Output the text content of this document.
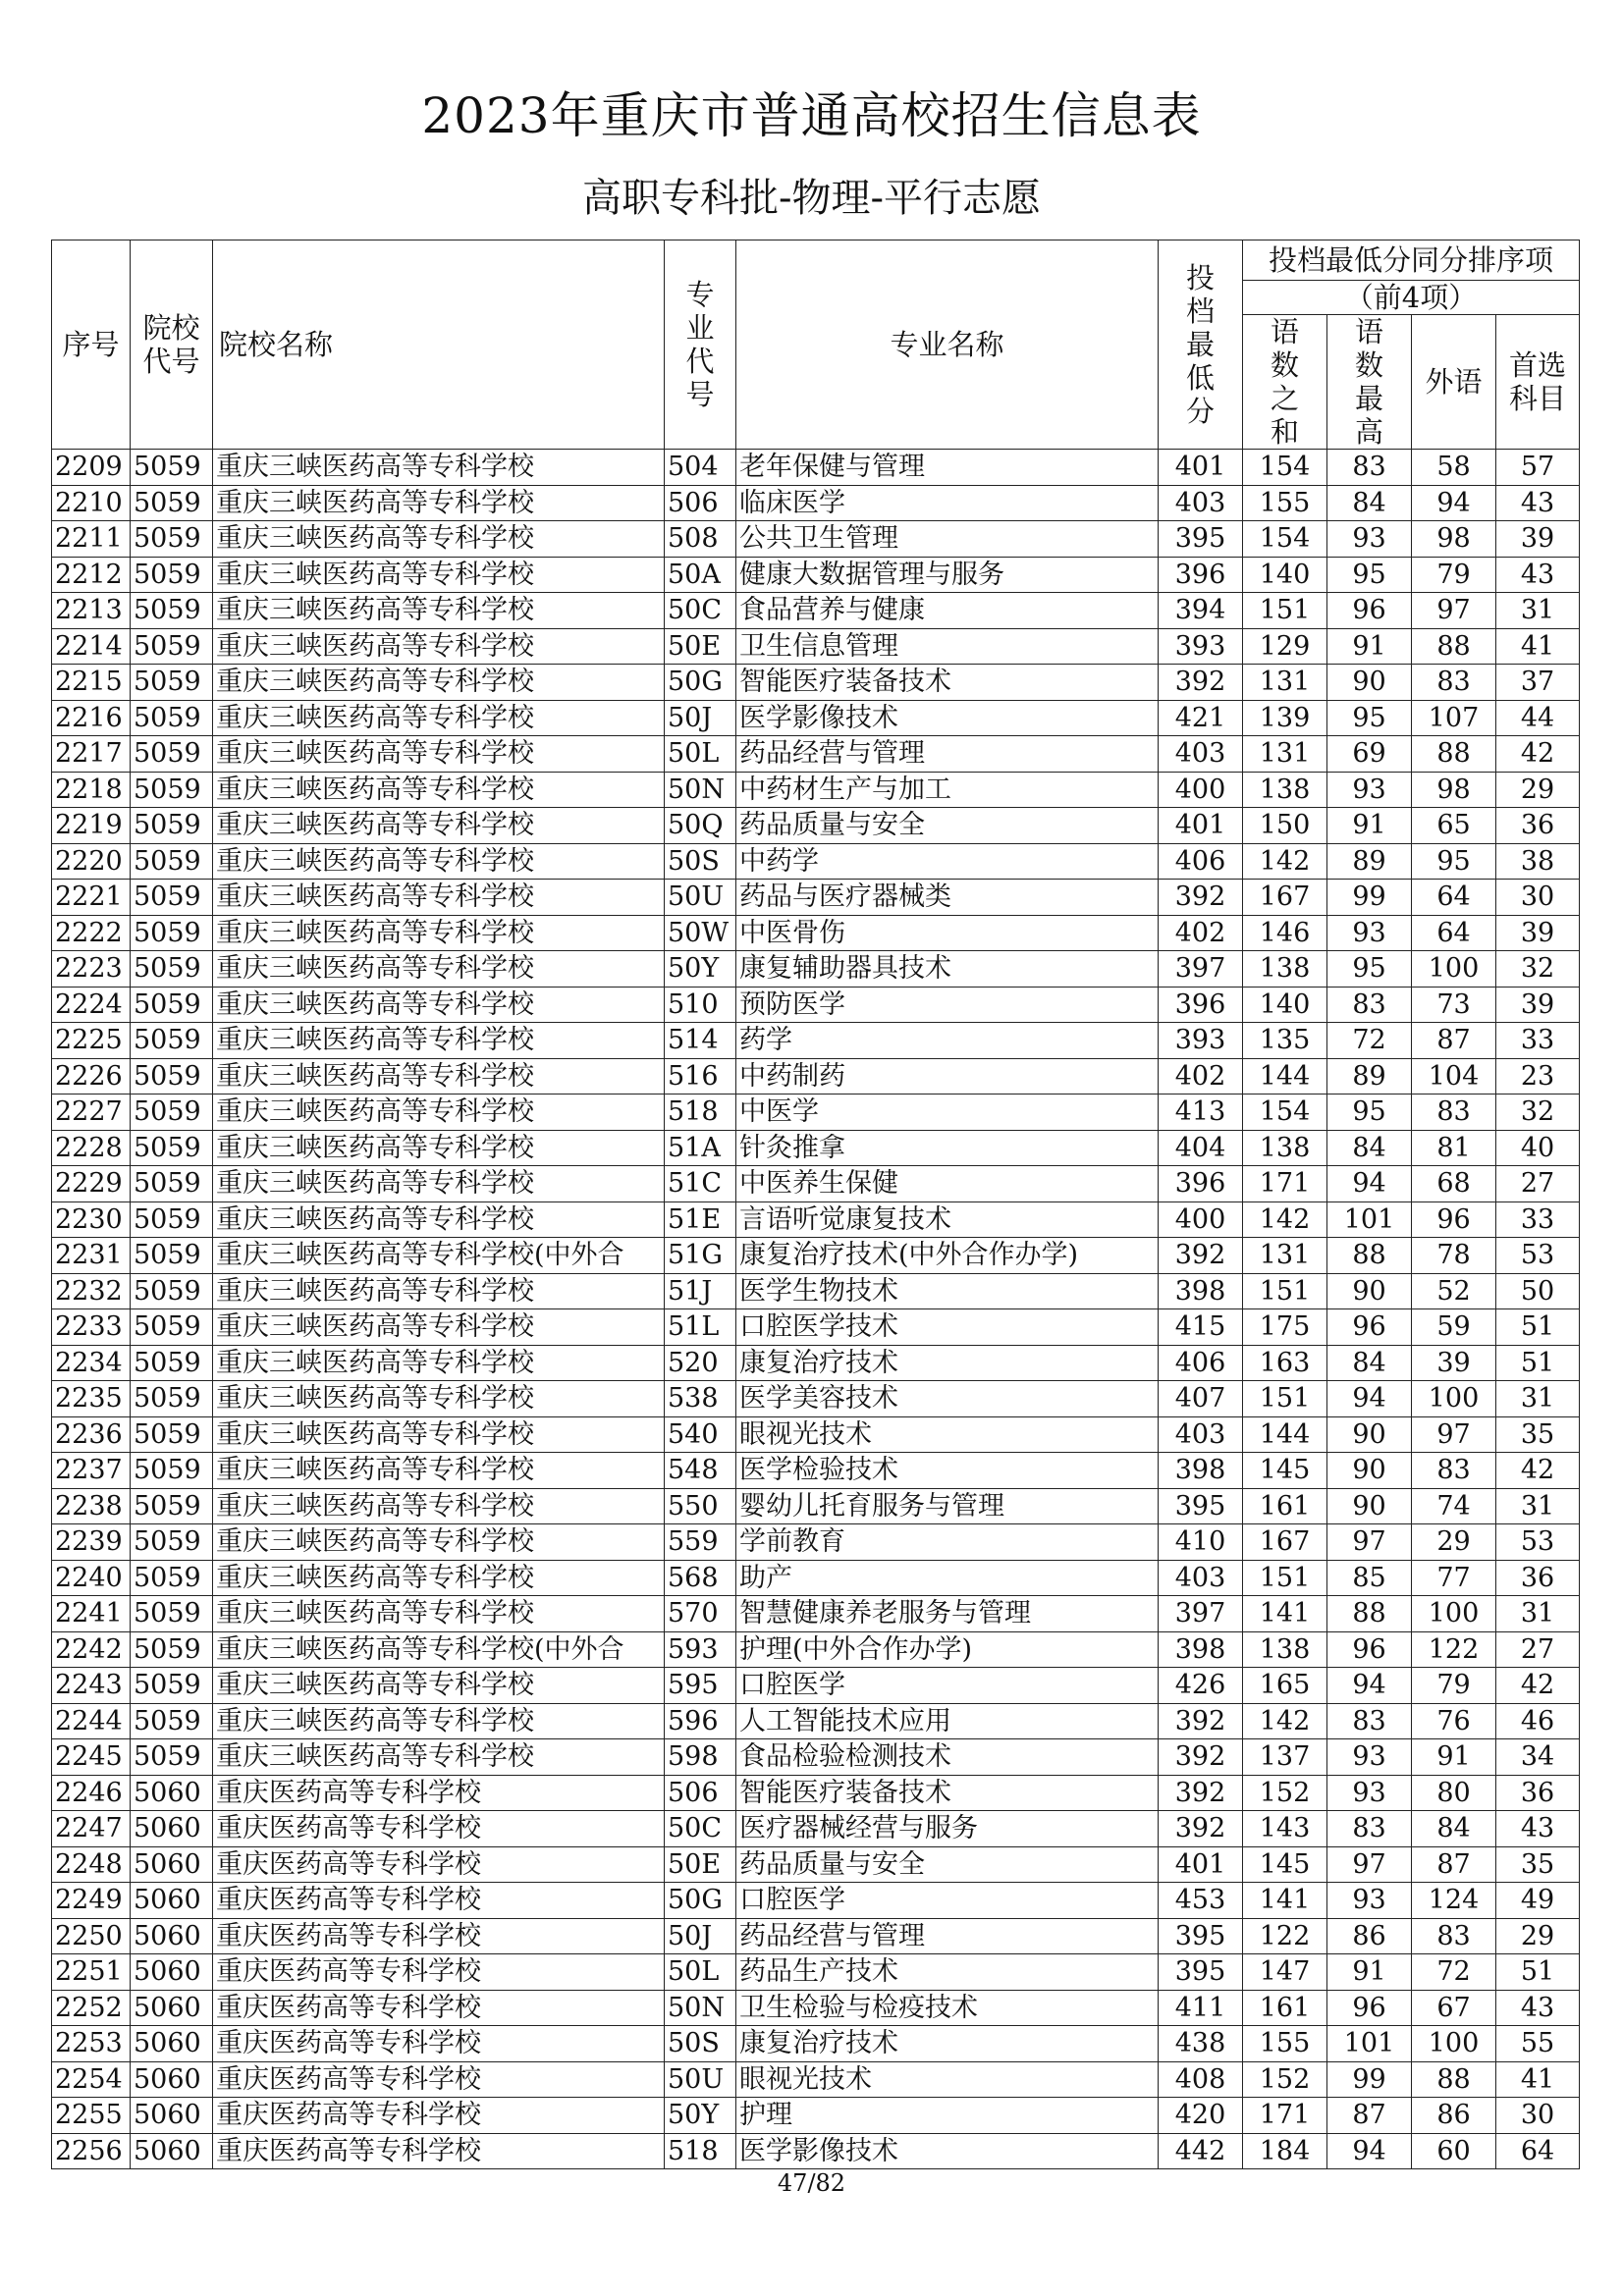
2023年重庆市普通高校招生信息表
高职专科批-物理-平行志愿
序号	院校代号	院校名称	专业代号	专业名称	投档最低分	投档最低分同分排序项			
						（前4项）			
						语数之和	语数最高	外语	首选科目
2209	5059	重庆三峡医药高等专科学校	504	老年保健与管理	401	154	83	58	57
2210	5059	重庆三峡医药高等专科学校	506	临床医学	403	155	84	94	43
2211	5059	重庆三峡医药高等专科学校	508	公共卫生管理	395	154	93	98	39
2212	5059	重庆三峡医药高等专科学校	50A	健康大数据管理与服务	396	140	95	79	43
2213	5059	重庆三峡医药高等专科学校	50C	食品营养与健康	394	151	96	97	31
2214	5059	重庆三峡医药高等专科学校	50E	卫生信息管理	393	129	91	88	41
2215	5059	重庆三峡医药高等专科学校	50G	智能医疗装备技术	392	131	90	83	37
2216	5059	重庆三峡医药高等专科学校	50J	医学影像技术	421	139	95	107	44
2217	5059	重庆三峡医药高等专科学校	50L	药品经营与管理	403	131	69	88	42
2218	5059	重庆三峡医药高等专科学校	50N	中药材生产与加工	400	138	93	98	29
2219	5059	重庆三峡医药高等专科学校	50Q	药品质量与安全	401	150	91	65	36
2220	5059	重庆三峡医药高等专科学校	50S	中药学	406	142	89	95	38
2221	5059	重庆三峡医药高等专科学校	50U	药品与医疗器械类	392	167	99	64	30
2222	5059	重庆三峡医药高等专科学校	50W	中医骨伤	402	146	93	64	39
2223	5059	重庆三峡医药高等专科学校	50Y	康复辅助器具技术	397	138	95	100	32
2224	5059	重庆三峡医药高等专科学校	510	预防医学	396	140	83	73	39
2225	5059	重庆三峡医药高等专科学校	514	药学	393	135	72	87	33
2226	5059	重庆三峡医药高等专科学校	516	中药制药	402	144	89	104	23
2227	5059	重庆三峡医药高等专科学校	518	中医学	413	154	95	83	32
2228	5059	重庆三峡医药高等专科学校	51A	针灸推拿	404	138	84	81	40
2229	5059	重庆三峡医药高等专科学校	51C	中医养生保健	396	171	94	68	27
2230	5059	重庆三峡医药高等专科学校	51E	言语听觉康复技术	400	142	101	96	33
2231	5059	重庆三峡医药高等专科学校(中外合	51G	康复治疗技术(中外合作办学)	392	131	88	78	53
2232	5059	重庆三峡医药高等专科学校	51J	医学生物技术	398	151	90	52	50
2233	5059	重庆三峡医药高等专科学校	51L	口腔医学技术	415	175	96	59	51
2234	5059	重庆三峡医药高等专科学校	520	康复治疗技术	406	163	84	39	51
2235	5059	重庆三峡医药高等专科学校	538	医学美容技术	407	151	94	100	31
2236	5059	重庆三峡医药高等专科学校	540	眼视光技术	403	144	90	97	35
2237	5059	重庆三峡医药高等专科学校	548	医学检验技术	398	145	90	83	42
2238	5059	重庆三峡医药高等专科学校	550	婴幼儿托育服务与管理	395	161	90	74	31
2239	5059	重庆三峡医药高等专科学校	559	学前教育	410	167	97	29	53
2240	5059	重庆三峡医药高等专科学校	568	助产	403	151	85	77	36
2241	5059	重庆三峡医药高等专科学校	570	智慧健康养老服务与管理	397	141	88	100	31
2242	5059	重庆三峡医药高等专科学校(中外合	593	护理(中外合作办学)	398	138	96	122	27
2243	5059	重庆三峡医药高等专科学校	595	口腔医学	426	165	94	79	42
2244	5059	重庆三峡医药高等专科学校	596	人工智能技术应用	392	142	83	76	46
2245	5059	重庆三峡医药高等专科学校	598	食品检验检测技术	392	137	93	91	34
2246	5060	重庆医药高等专科学校	506	智能医疗装备技术	392	152	93	80	36
2247	5060	重庆医药高等专科学校	50C	医疗器械经营与服务	392	143	83	84	43
2248	5060	重庆医药高等专科学校	50E	药品质量与安全	401	145	97	87	35
2249	5060	重庆医药高等专科学校	50G	口腔医学	453	141	93	124	49
2250	5060	重庆医药高等专科学校	50J	药品经营与管理	395	122	86	83	29
2251	5060	重庆医药高等专科学校	50L	药品生产技术	395	147	91	72	51
2252	5060	重庆医药高等专科学校	50N	卫生检验与检疫技术	411	161	96	67	43
2253	5060	重庆医药高等专科学校	50S	康复治疗技术	438	155	101	100	55
2254	5060	重庆医药高等专科学校	50U	眼视光技术	408	152	99	88	41
2255	5060	重庆医药高等专科学校	50Y	护理	420	171	87	86	30
2256	5060	重庆医药高等专科学校	518	医学影像技术	442	184	94	60	64
47/82
